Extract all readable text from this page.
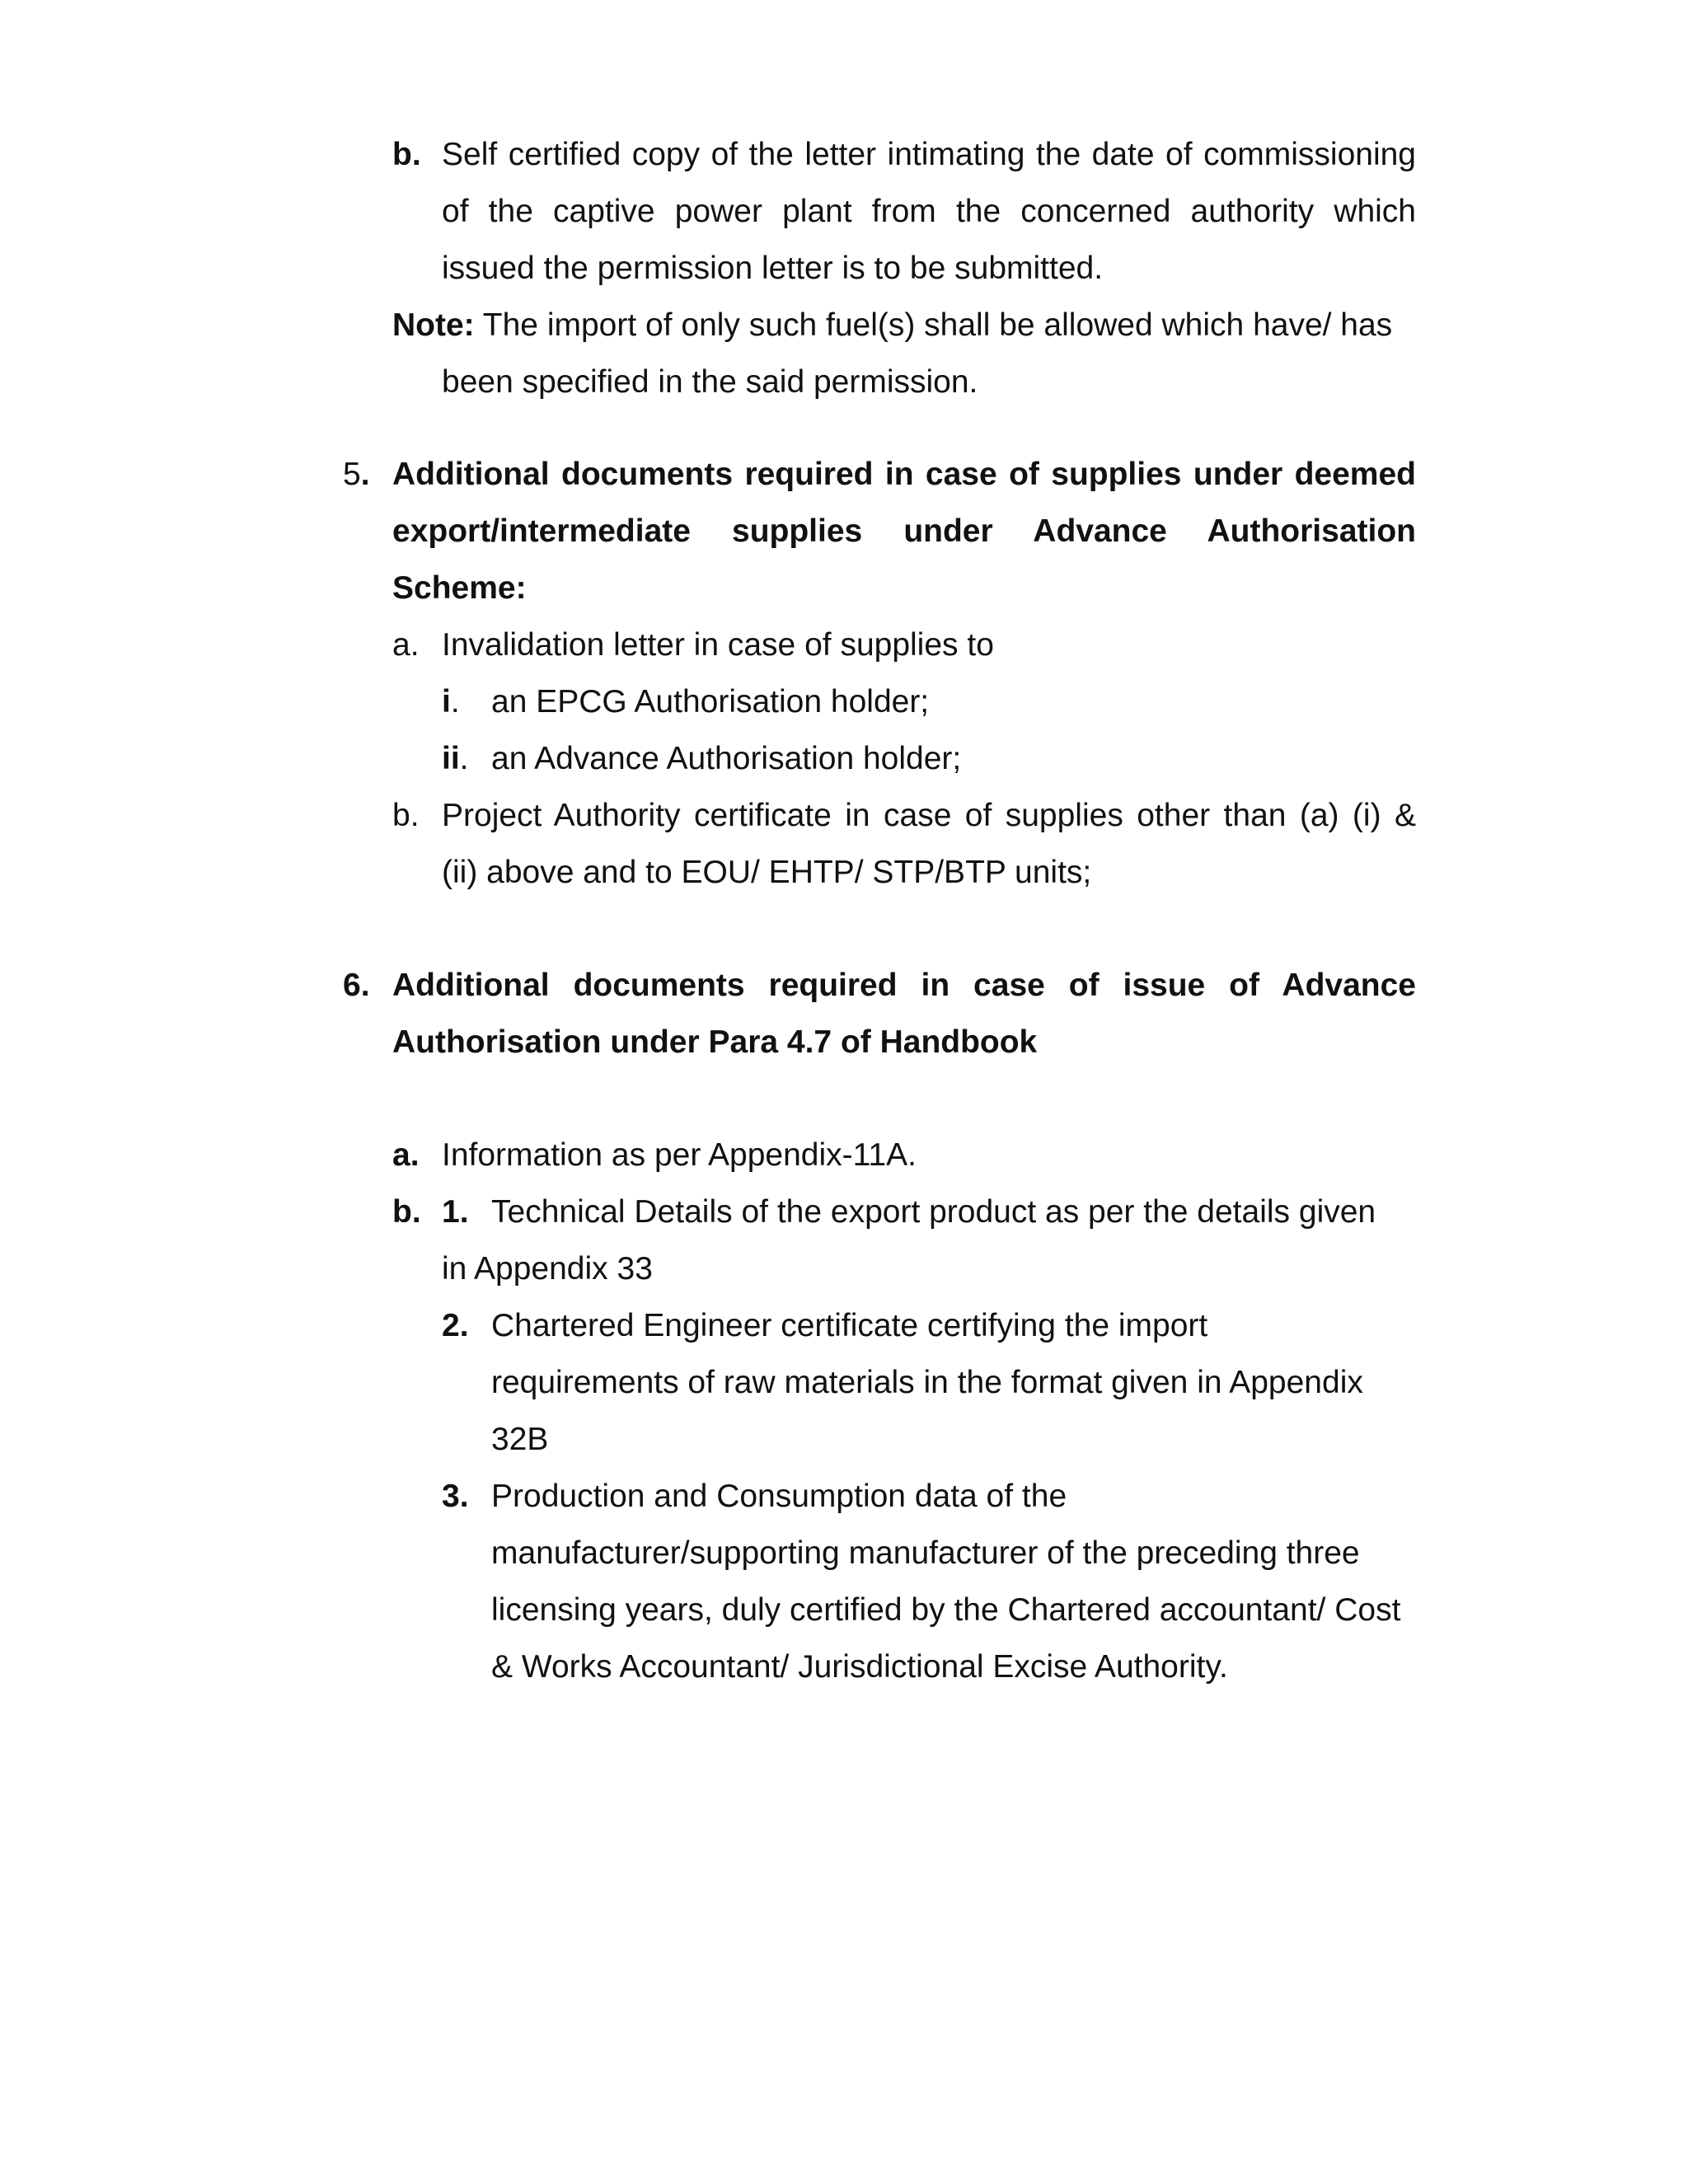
b. Self certified copy of the letter intimating the date of commissioning
of the captive power plant from the concerned authority which
issued the permission letter is to be submitted.
Note: The import of only such fuel(s) shall be allowed which have/ has
been specified in the said permission.
5. Additional documents required in case of supplies under deemed
export/intermediate supplies under Advance Authorisation
Scheme:
a. Invalidation letter in case of supplies to
i. an EPCG Authorisation holder;
ii. an Advance Authorisation holder;
b. Project Authority certificate in case of supplies other than (a) (i) &
(ii) above and to EOU/ EHTP/ STP/BTP units;
6. Additional documents required in case of issue of Advance
Authorisation under Para 4.7 of Handbook
a. Information as per Appendix-11A.
b. 1. Technical Details of the export product as per the details given
in Appendix 33
2. Chartered Engineer certificate certifying the import
requirements of raw materials in the format given in Appendix
32B
3. Production and Consumption data of the
manufacturer/supporting manufacturer of the preceding three
licensing years, duly certified by the Chartered accountant/ Cost
& Works Accountant/ Jurisdictional Excise Authority.
